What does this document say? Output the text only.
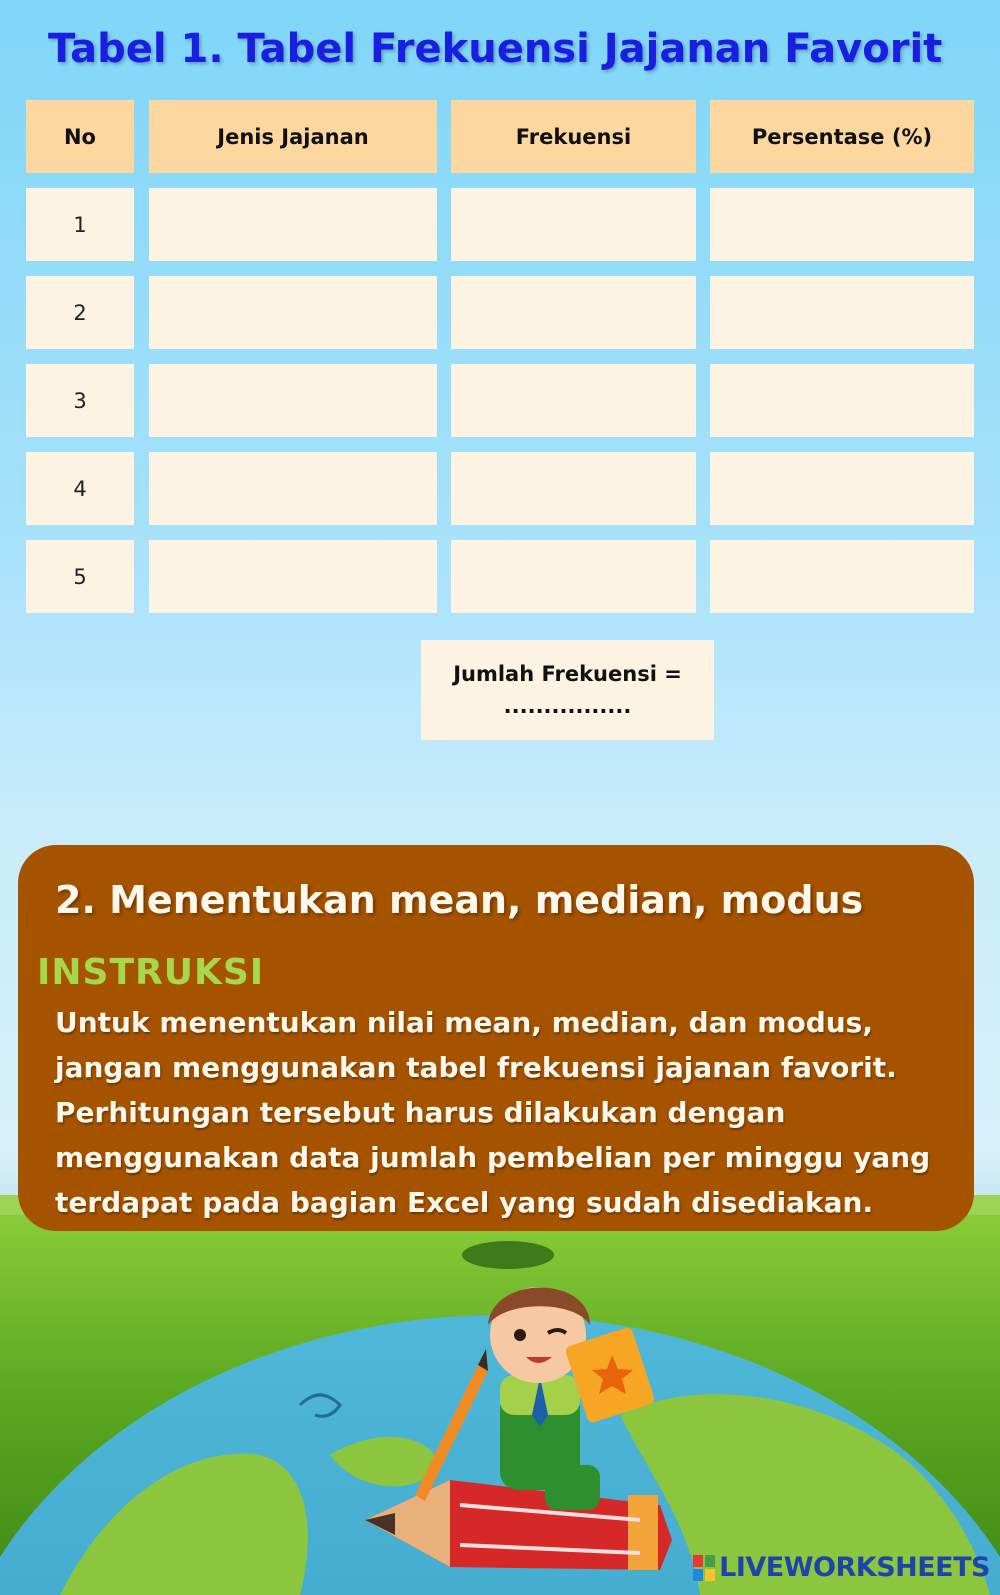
Tabel 1. Tabel Frekuensi Jajanan Favorit
No	Jenis Jajanan	Frekuensi	Persentase (%)
1
2
3
4
5
Jumlah Frekuensi =
................
2. Menentukan mean, median, modus
INSTRUKSI
Untuk menentukan nilai mean, median, dan modus, jangan menggunakan tabel frekuensi jajanan favorit. Perhitungan tersebut harus dilakukan dengan menggunakan data jumlah pembelian per minggu yang terdapat pada bagian Excel yang sudah disediakan.
LIVEWORKSHEETS
